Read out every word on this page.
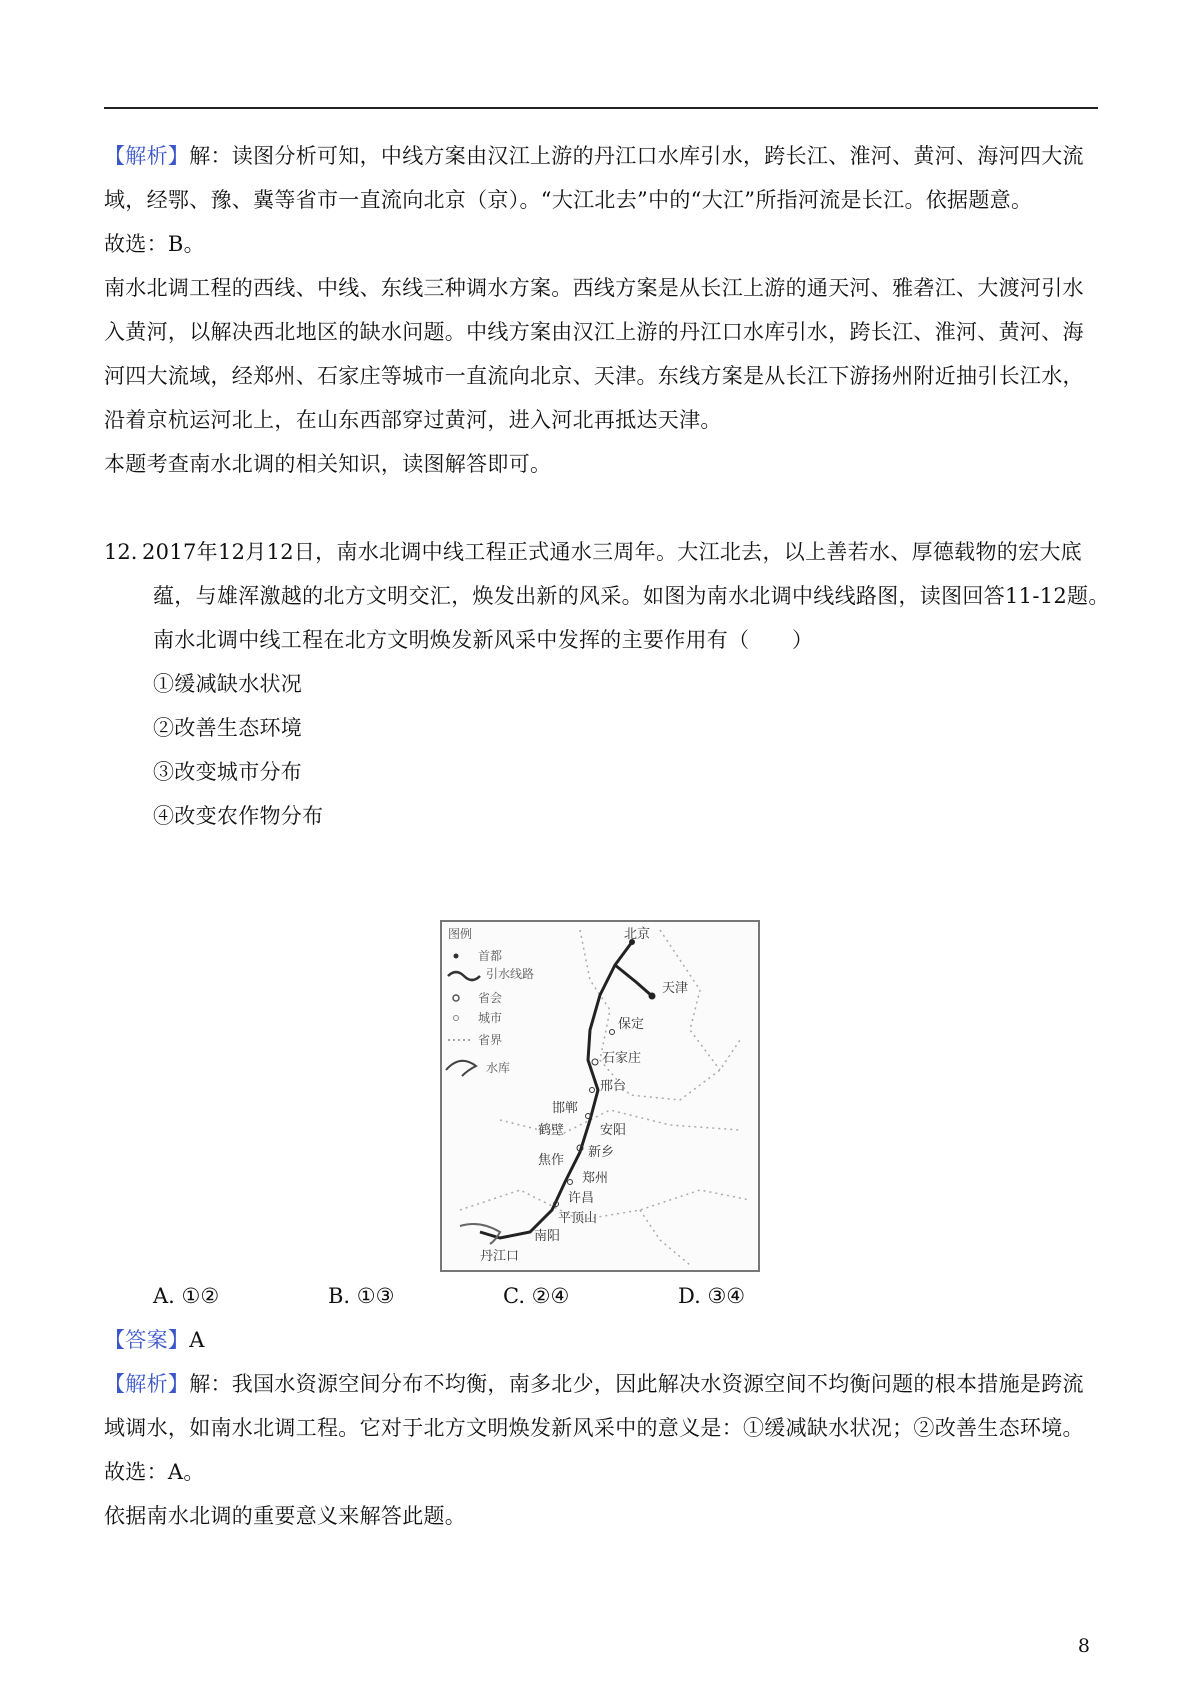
【解析】解：读图分析可知，中线方案由汉江上游的丹江口水库引水，跨长江、淮河、黄河、海河四大流
域，经鄂、豫、冀等省市一直流向北京（京）。“大江北去”中的“大江”所指河流是长江。依据题意。
故选：B。
南水北调工程的西线、中线、东线三种调水方案。西线方案是从长江上游的通天河、雅砻江、大渡河引水
入黄河，以解决西北地区的缺水问题。中线方案由汉江上游的丹江口水库引水，跨长江、淮河、黄河、海
河四大流域，经郑州、石家庄等城市一直流向北京、天津。东线方案是从长江下游扬州附近抽引长江水，
沿着京杭运河北上，在山东西部穿过黄河，进入河北再抵达天津。
本题考查南水北调的相关知识，读图解答即可。
12. 2017年12月12日，南水北调中线工程正式通水三周年。大江北去，以上善若水、厚德载物的宏大底
蕴，与雄浑激越的北方文明交汇，焕发出新的风采。如图为南水北调中线线路图，读图回答11-12题。
南水北调中线工程在北方文明焕发新风采中发挥的主要作用有（　　）
①缓减缺水状况
②改善生态环境
③改变城市分布
④改变农作物分布
图例
首都
引水线路
省会
城市
省界
水库
北京
天津
保定
石家庄
邢台
邯郸
鹤壁	安阳
焦作
新乡
郑州
许昌
平顶山
南阳
丹江口
A. ①②	B. ①③	C. ②④	D. ③④
【答案】A
【解析】解：我国水资源空间分布不均衡，南多北少，因此解决水资源空间不均衡问题的根本措施是跨流
域调水，如南水北调工程。它对于北方文明焕发新风采中的意义是：①缓减缺水状况；②改善生态环境。
故选：A。
依据南水北调的重要意义来解答此题。
8
